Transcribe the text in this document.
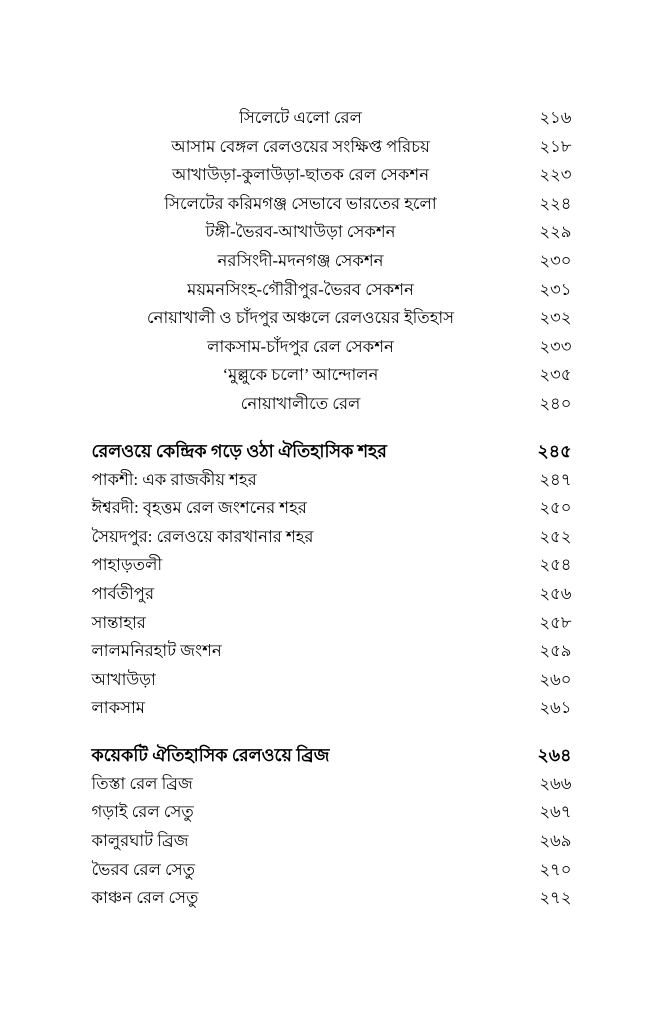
সিলেটে এলো রেল	২১৬
আসাম বেঙ্গল রেলওয়ের সংক্ষিপ্ত পরিচয়	২১৮
আখাউড়া-কুলাউড়া-ছাতক রেল সেকশন	২২৩
সিলেটের করিমগঞ্জ সেভাবে ভারতের হলো	২২৪
টঙ্গী-ভৈরব-আখাউড়া সেকশন	২২৯
নরসিংদী-মদনগঞ্জ সেকশন	২৩০
ময়মনসিংহ-গৌরীপুর-ভৈরব সেকশন	২৩১
নোয়াখালী ও চাঁদপুর অঞ্চলে রেলওয়ের ইতিহাস	২৩২
লাকসাম-চাঁদপুর রেল সেকশন	২৩৩
‘মুল্লুকে চলো’ আন্দোলন	২৩৫
নোয়াখালীতে রেল	২৪০
রেলওয়ে কেন্দ্রিক গড়ে ওঠা ঐতিহাসিক শহর	২৪৫
পাকশী: এক রাজকীয় শহর	২৪৭
ঈশ্বরদী: বৃহত্তম রেল জংশনের শহর	২৫০
সৈয়দপুর: রেলওয়ে কারখানার শহর	২৫২
পাহাড়তলী	২৫৪
পার্বতীপুর	২৫৬
সান্তাহার	২৫৮
লালমনিরহাট জংশন	২৫৯
আখাউড়া	২৬০
লাকসাম	২৬১
কয়েকটি ঐতিহাসিক রেলওয়ে ব্রিজ	২৬৪
তিস্তা রেল ব্রিজ	২৬৬
গড়াই রেল সেতু	২৬৭
কালুরঘাট ব্রিজ	২৬৯
ভৈরব রেল সেতু	২৭০
কাঞ্চন রেল সেতু	২৭২
